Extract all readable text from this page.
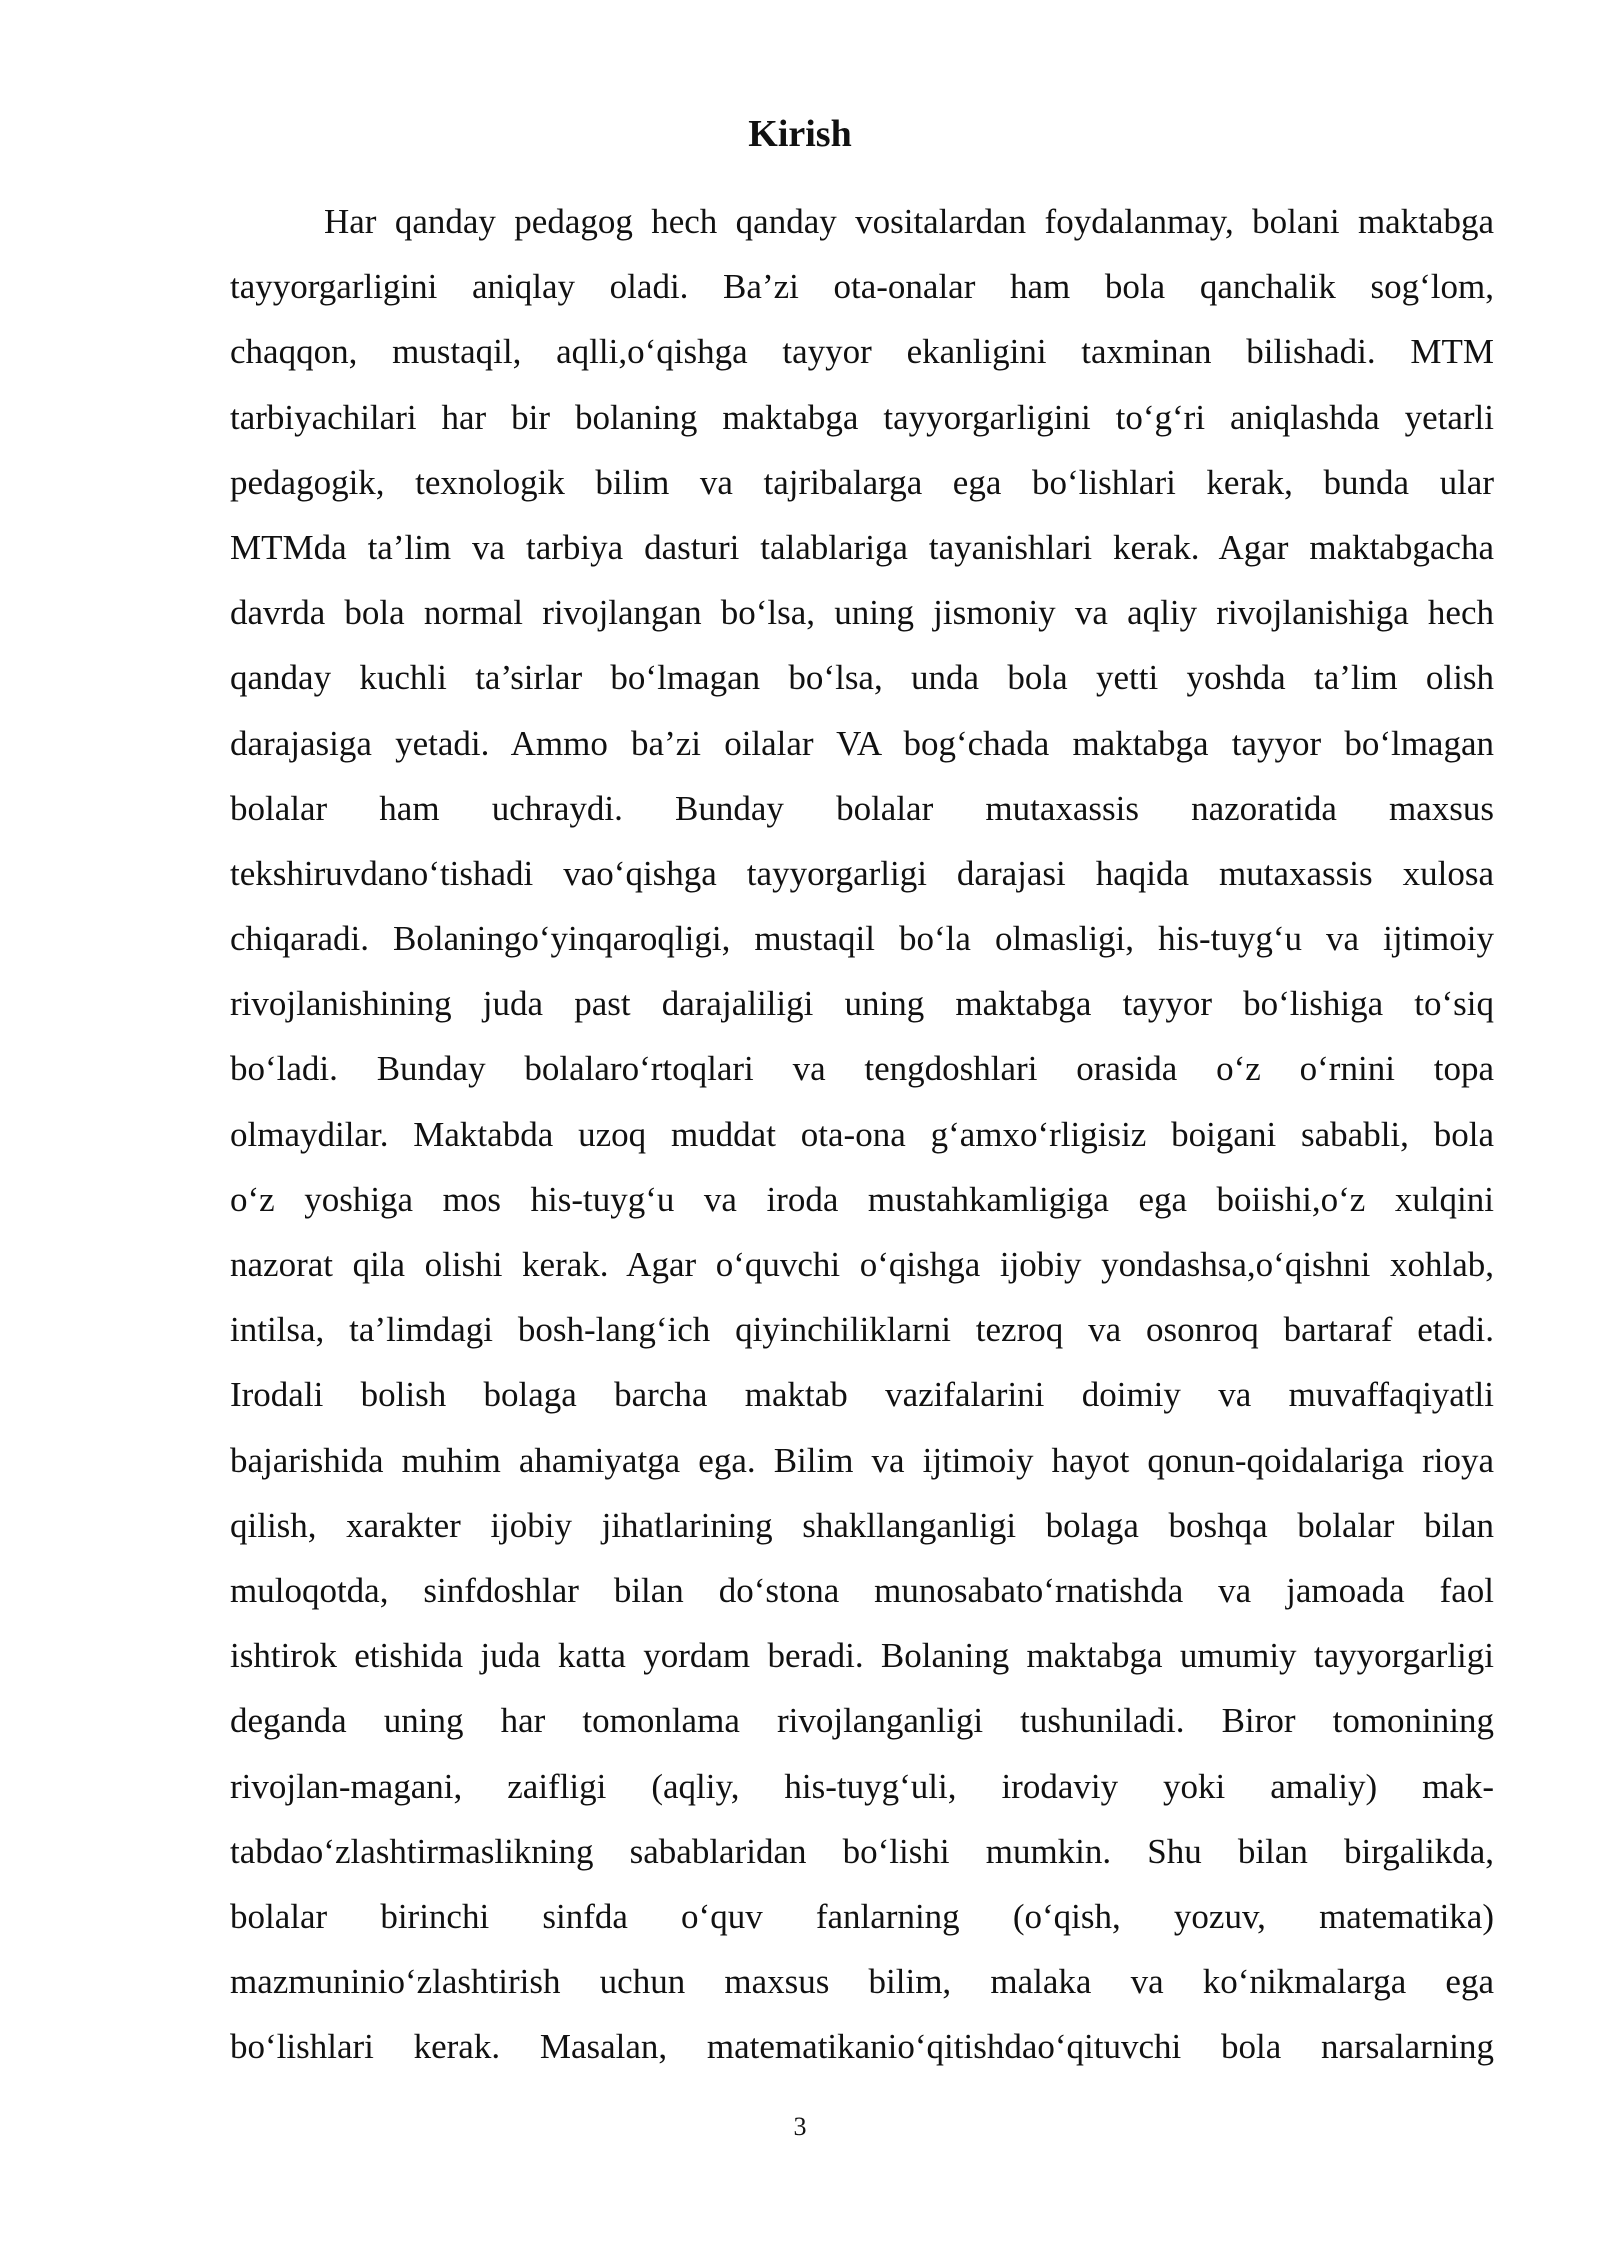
Kirish
Har qanday pedagog hech qanday vositalardan foydalanmay, bolani maktabga
tayyorgarligini aniqlay oladi. Ba’zi ota-onalar ham bola qanchalik sog‘lom,
chaqqon, mustaqil, aqlli,o‘qishga tayyor ekanligini taxminan bilishadi. MTM
tarbiyachilari har bir bolaning maktabga tayyorgarligini to‘g‘ri aniqlashda yetarli
pedagogik, texnologik bilim va tajribalarga ega bo‘lishlari kerak, bunda ular
MTMda ta’lim va tarbiya dasturi talablariga tayanishlari kerak. Agar maktabgacha
davrda bola normal rivojlangan bo‘lsa, uning jismoniy va aqliy rivojlanishiga hech
qanday kuchli ta’sirlar bo‘lmagan bo‘lsa, unda bola yetti yoshda ta’lim olish
darajasiga yetadi. Ammo ba’zi oilalar VA bog‘chada maktabga tayyor bo‘lmagan
bolalar ham uchraydi. Bunday bolalar mutaxassis nazoratida maxsus
tekshiruvdano‘tishadi vao‘qishga tayyorgarligi darajasi haqida mutaxassis xulosa
chiqaradi. Bolaningo‘yinqaroqligi, mustaqil bo‘la olmasligi, his-tuyg‘u va ijtimoiy
rivojlanishining juda past darajaliligi uning maktabga tayyor bo‘lishiga to‘siq
bo‘ladi. Bunday bolalaro‘rtoqlari va tengdoshlari orasida o‘z o‘rnini topa
olmaydilar. Maktabda uzoq muddat ota-ona g‘amxo‘rligisiz boigani sababli, bola
o‘z yoshiga mos his-tuyg‘u va iroda mustahkamligiga ega boiishi,o‘z xulqini
nazorat qila olishi kerak. Agar o‘quvchi o‘qishga ijobiy yondashsa,o‘qishni xohlab,
intilsa, ta’limdagi bosh-lang‘ich qiyinchiliklarni tezroq va osonroq bartaraf etadi.
Irodali bolish bolaga barcha maktab vazifalarini doimiy va muvaffaqiyatli
bajarishida muhim ahamiyatga ega. Bilim va ijtimoiy hayot qonun-qoidalariga rioya
qilish, xarakter ijobiy jihatlarining shakllanganligi bolaga boshqa bolalar bilan
muloqotda, sinfdoshlar bilan do‘stona munosabato‘rnatishda va jamoada faol
ishtirok etishida juda katta yordam beradi. Bolaning maktabga umumiy tayyorgarligi
deganda uning har tomonlama rivojlanganligi tushuniladi. Biror tomonining
rivojlan-magani, zaifligi (aqliy, his-tuyg‘uli, irodaviy yoki amaliy) mak-
tabdao‘zlashtirmaslikning sabablaridan bo‘lishi mumkin. Shu bilan birgalikda,
bolalar birinchi sinfda o‘quv fanlarning (o‘qish, yozuv, matematika)
mazmuninio‘zlashtirish uchun maxsus bilim, malaka va ko‘nikmalarga ega
bo‘lishlari kerak. Masalan, matematikanio‘qitishdao‘qituvchi bola narsalarning
3
